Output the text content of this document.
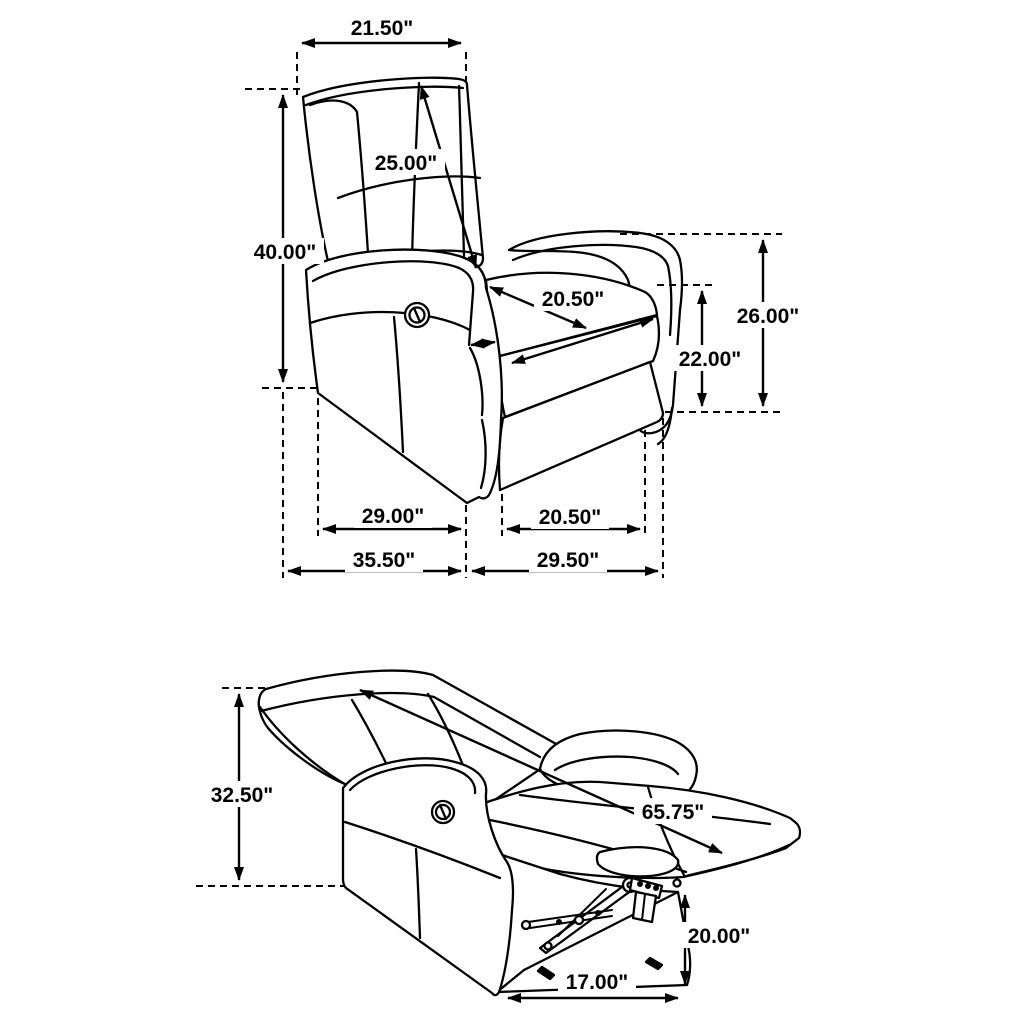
21.50"
40.00"
25.00"
20.50"
26.00"
22.00"
29.00"	20.50"
35.50"	29.50"
32.50"
65.75"
20.00"
17.00"
